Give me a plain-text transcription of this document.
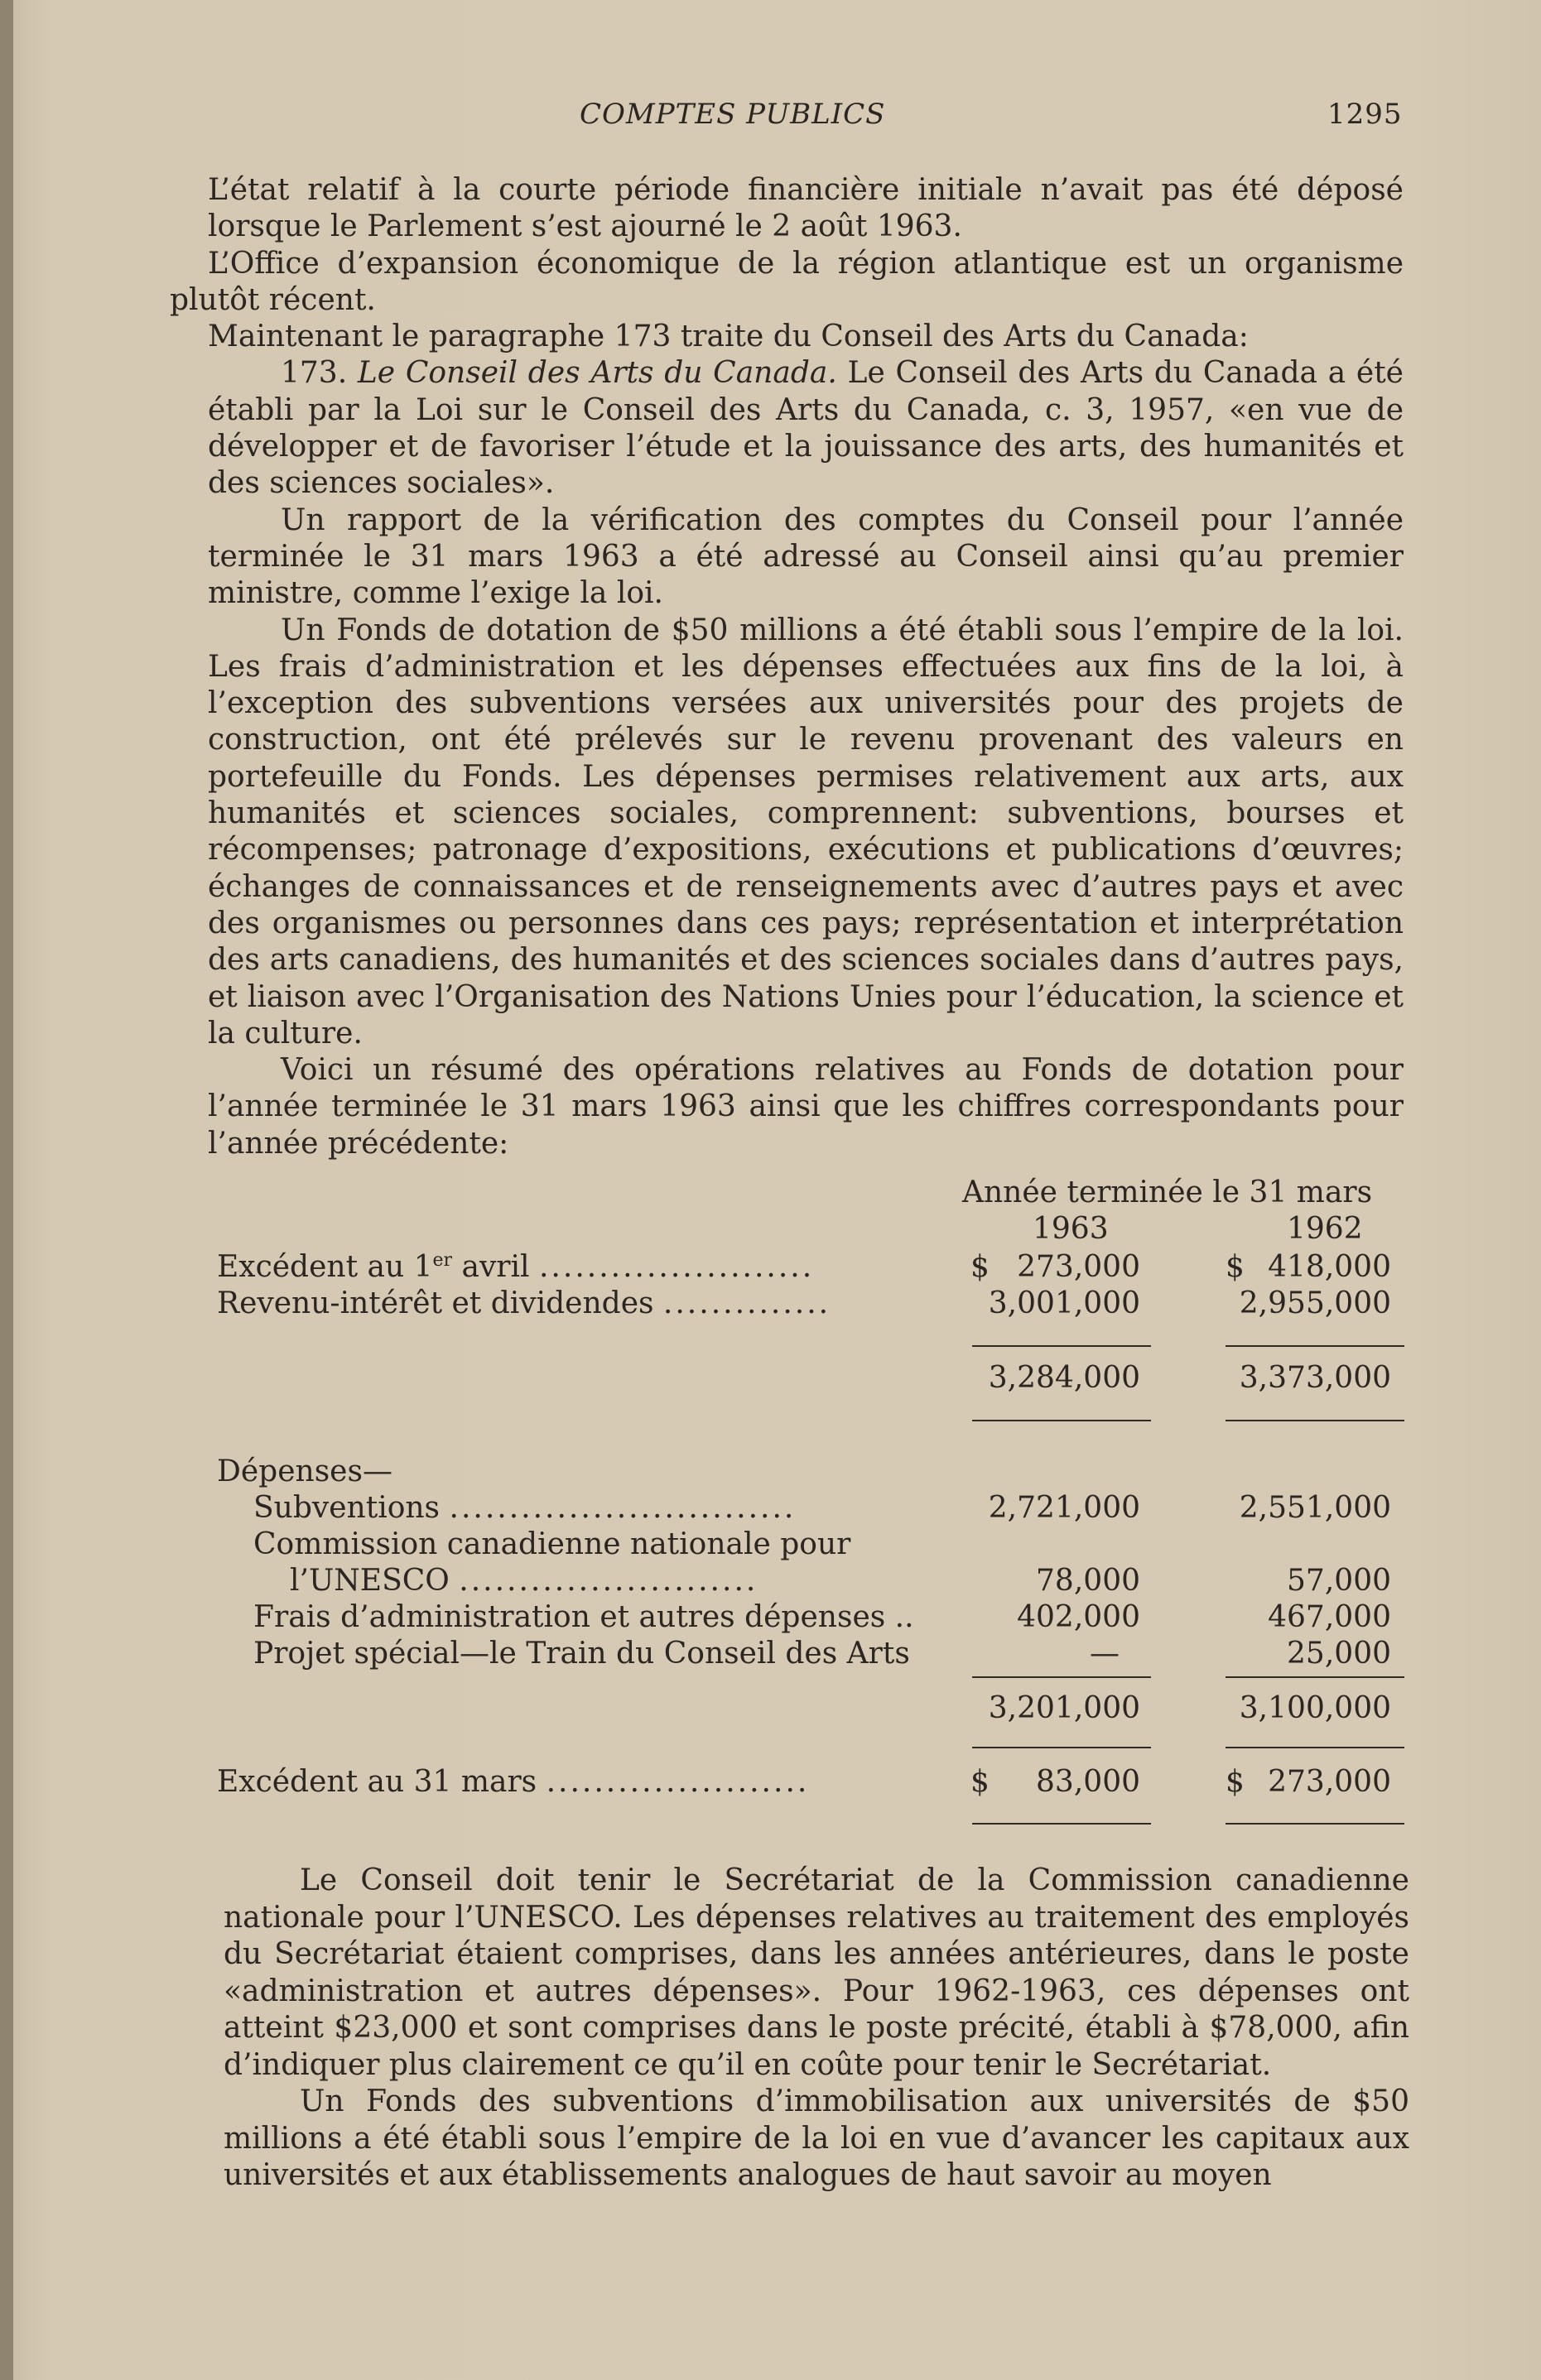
COMPTES PUBLICS	1295

L’état relatif à la courte période financière initiale n’avait pas été déposé lorsque le Parlement s’est ajourné le 2 août 1963.

L’Office d’expansion économique de la région atlantique est un organisme plutôt récent.

Maintenant le paragraphe 173 traite du Conseil des Arts du Canada:

173. Le Conseil des Arts du Canada. Le Conseil des Arts du Canada a été établi par la Loi sur le Conseil des Arts du Canada, c. 3, 1957, «en vue de développer et de favoriser l’étude et la jouissance des arts, des humanités et des sciences sociales».

Un rapport de la vérification des comptes du Conseil pour l’année terminée le 31 mars 1963 a été adressé au Conseil ainsi qu’au premier ministre, comme l’exige la loi.

Un Fonds de dotation de $50 millions a été établi sous l’empire de la loi. Les frais d’administration et les dépenses effectuées aux fins de la loi, à l’exception des subventions versées aux universités pour des projets de construction, ont été prélevés sur le revenu provenant des valeurs en portefeuille du Fonds. Les dépenses permises relativement aux arts, aux humanités et sciences sociales, comprennent: subventions, bourses et récompenses; patronage d’expositions, exécutions et publications d’œuvres; échanges de connaissances et de renseignements avec d’autres pays et avec des organismes ou personnes dans ces pays; représentation et interprétation des arts canadiens, des humanités et des sciences sociales dans d’autres pays, et liaison avec l’Organisation des Nations Unies pour l’éducation, la science et la culture.

Voici un résumé des opérations relatives au Fonds de dotation pour l’année terminée le 31 mars 1963 ainsi que les chiffres correspondants pour l’année précédente:

Année terminée le 31 mars
1963	1962
Excédent au 1er avril .......................	$ 273,000	$ 418,000
Revenu-intérêt et dividendes ..............	3,001,000	2,955,000
3,284,000	3,373,000
Dépenses—
Subventions .............................	2,721,000	2,551,000
Commission canadienne nationale pour
l’UNESCO .........................	78,000	57,000
Frais d’administration et autres dépenses ..	402,000	467,000
Projet spécial—le Train du Conseil des Arts	—	25,000
3,201,000	3,100,000
Excédent au 31 mars ......................	$ 83,000	$ 273,000

Le Conseil doit tenir le Secrétariat de la Commission canadienne nationale pour l’UNESCO. Les dépenses relatives au traitement des employés du Secrétariat étaient comprises, dans les années antérieures, dans le poste «administration et autres dépenses». Pour 1962-1963, ces dépenses ont atteint $23,000 et sont comprises dans le poste précité, établi à $78,000, afin d’indiquer plus clairement ce qu’il en coûte pour tenir le Secrétariat.

Un Fonds des subventions d’immobilisation aux universités de $50 millions a été établi sous l’empire de la loi en vue d’avancer les capitaux aux universités et aux établissements analogues de haut savoir au moyen
